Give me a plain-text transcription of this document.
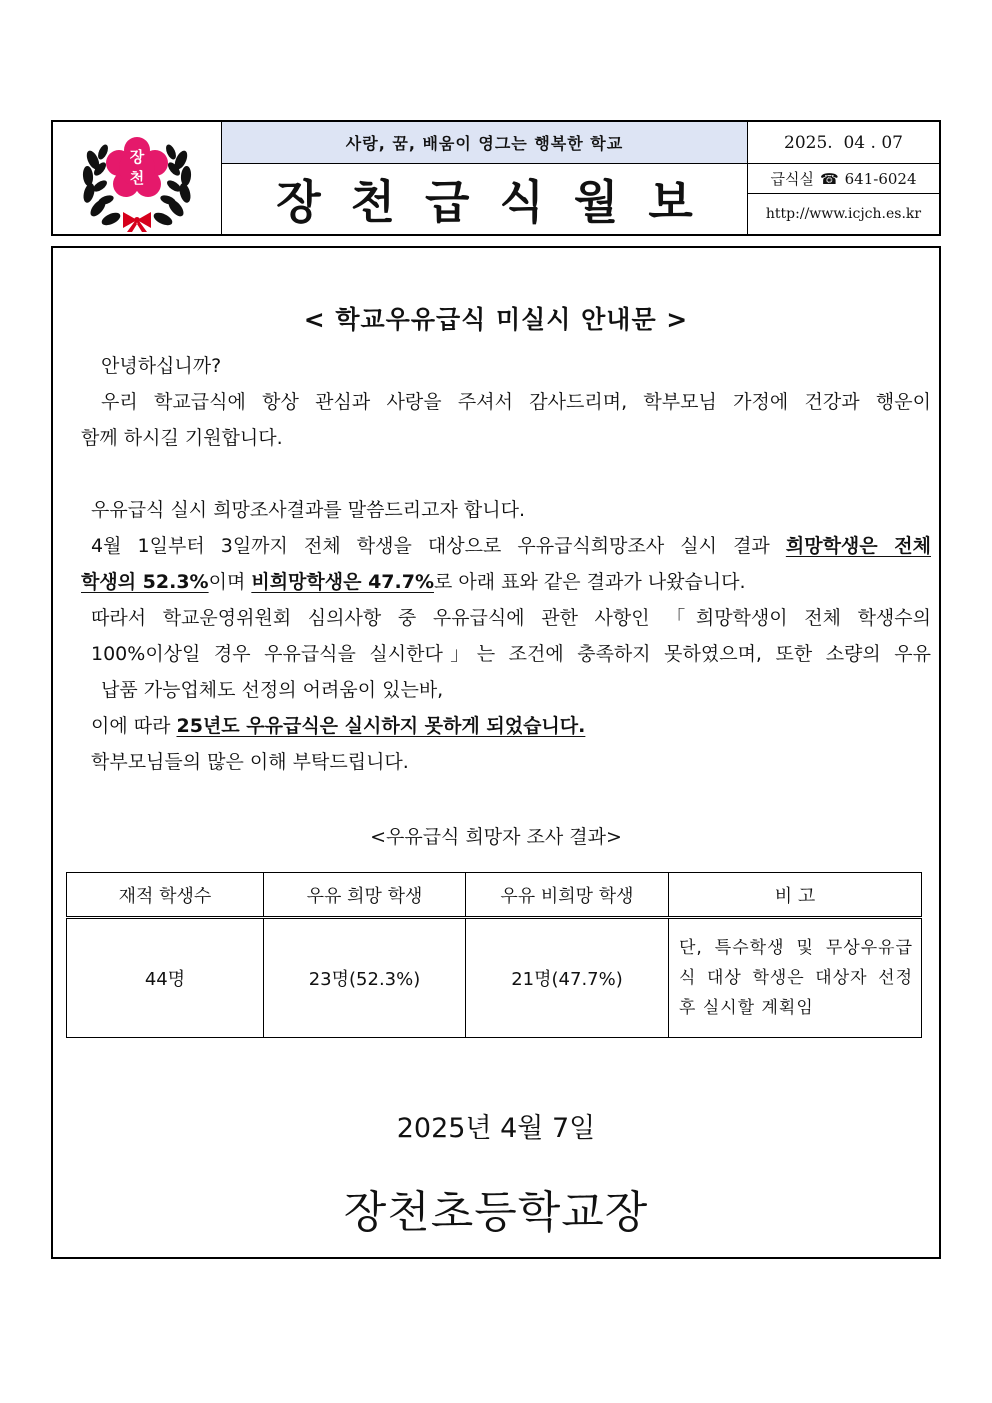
장
천
사랑, 꿈, 배움이 영그는 행복한 학교
장천급식월보
2025.  04 . 07
급식실 ☎ 641-6024
http://www.icjch.es.kr
< 학교우유급식 미실시 안내문 >
안녕하십니까?
우리 학교급식에 항상 관심과 사랑을 주셔서 감사드리며, 학부모님 가정에 건강과 행운이
함께 하시길 기원합니다.
우유급식 실시 희망조사결과를 말씀드리고자 합니다.
4월 1일부터 3일까지 전체 학생을 대상으로 우유급식희망조사 실시 결과 희망학생은 전체
학생의 52.3%이며 비희망학생은 47.7%로 아래 표와 같은 결과가 나왔습니다.
따라서 학교운영위원회 심의사항 중 우유급식에 관한 사항인 「희망학생이 전체 학생수의
100%이상일 경우 우유급식을 실시한다」는 조건에 충족하지 못하였으며, 또한 소량의 우유
납품 가능업체도 선정의 어려움이 있는바,
이에 따라 25년도 우유급식은 실시하지 못하게 되었습니다.
학부모님들의 많은 이해 부탁드립니다.
<우유급식 희망자 조사 결과>
재적 학생수	우유 희망 학생	우유 비희망 학생	비 고
44명	23명(52.3%)	21명(47.7%)	단, 특수학생 및 무상우유급식 대상 학생은 대상자 선정 후 실시할 계획임
2025년 4월 7일
장천초등학교장
